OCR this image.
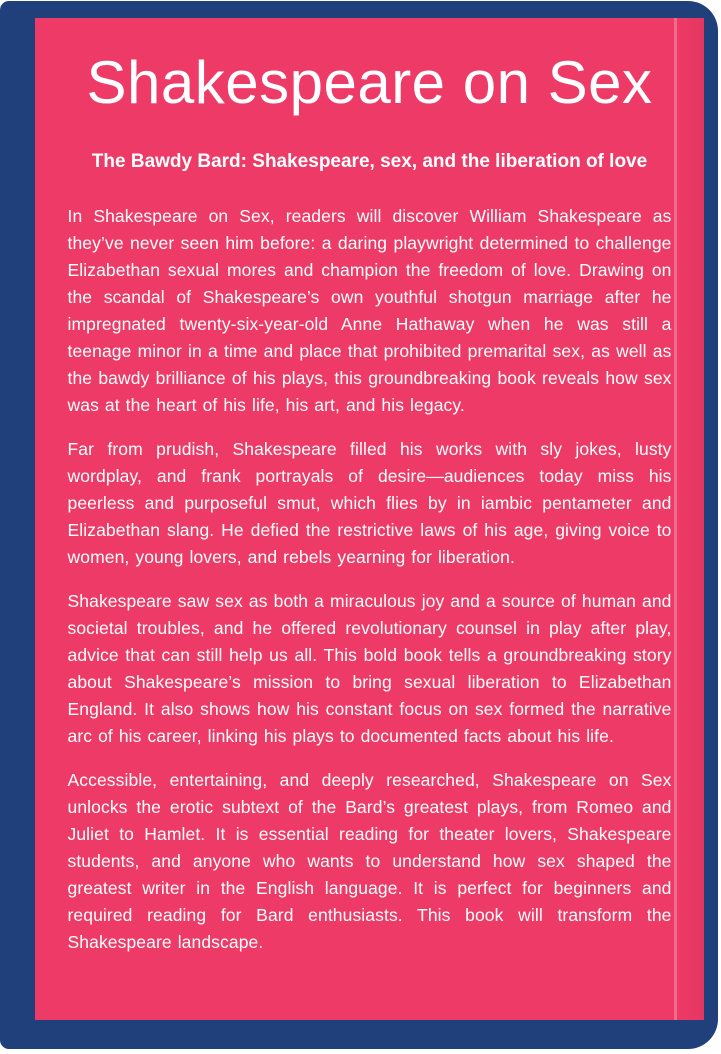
Shakespeare on Sex
The Bawdy Bard: Shakespeare, sex, and the liberation of love

In Shakespeare on Sex, readers will discover William Shakespeare as they’ve never seen him before: a daring playwright determined to challenge Elizabethan sexual mores and champion the freedom of love. Drawing on the scandal of Shakespeare’s own youthful shotgun marriage after he impregnated twenty-six-year-old Anne Hathaway when he was still a teenage minor in a time and place that prohibited premarital sex, as well as the bawdy brilliance of his plays, this groundbreaking book reveals how sex was at the heart of his life, his art, and his legacy.

Far from prudish, Shakespeare filled his works with sly jokes, lusty wordplay, and frank portrayals of desire—audiences today miss his peerless and purposeful smut, which flies by in iambic pentameter and Elizabethan slang. He defied the restrictive laws of his age, giving voice to women, young lovers, and rebels yearning for liberation.

Shakespeare saw sex as both a miraculous joy and a source of human and societal troubles, and he offered revolutionary counsel in play after play, advice that can still help us all. This bold book tells a groundbreaking story about Shakespeare’s mission to bring sexual liberation to Elizabethan England. It also shows how his constant focus on sex formed the narrative arc of his career, linking his plays to documented facts about his life.

Accessible, entertaining, and deeply researched, Shakespeare on Sex unlocks the erotic subtext of the Bard’s greatest plays, from Romeo and Juliet to Hamlet. It is essential reading for theater lovers, Shakespeare students, and anyone who wants to understand how sex shaped the greatest writer in the English language. It is perfect for beginners and required reading for Bard enthusiasts. This book will transform the Shakespeare landscape.
